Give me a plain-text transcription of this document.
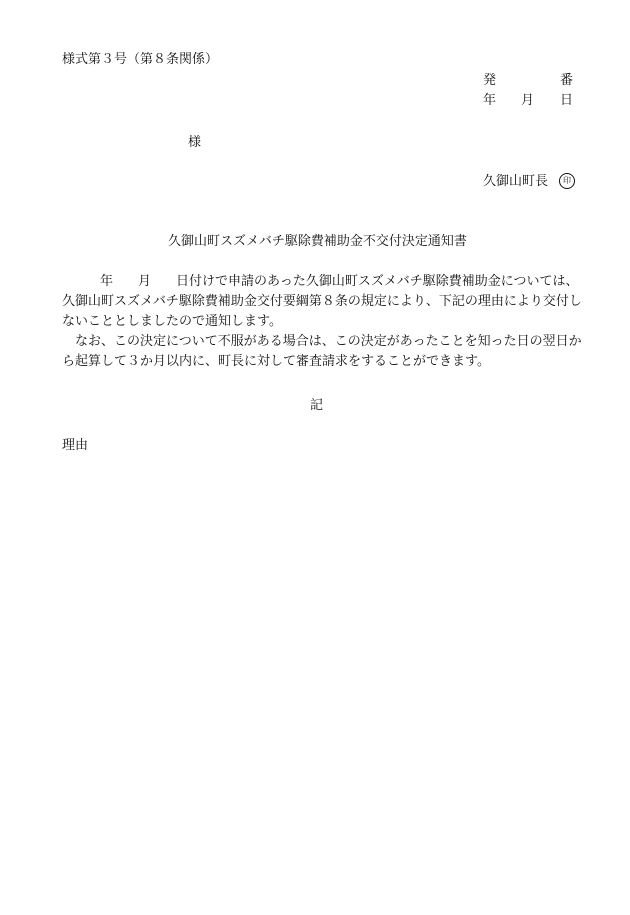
様式第３号（第８条関係）
発	番
年 月 日
様
久御山町長	印
久御山町スズメバチ駆除費補助金不交付決定通知書
年 月 日付けで申請のあった久御山町スズメバチ駆除費補助金については、
久御山町スズメバチ駆除費補助金交付要綱第８条の規定により、下記の理由により交付し
ないこととしましたので通知します。
　なお、この決定について不服がある場合は、この決定があったことを知った日の翌日か
ら起算して３か月以内に、町長に対して審査請求をすることができます。
記
理由
